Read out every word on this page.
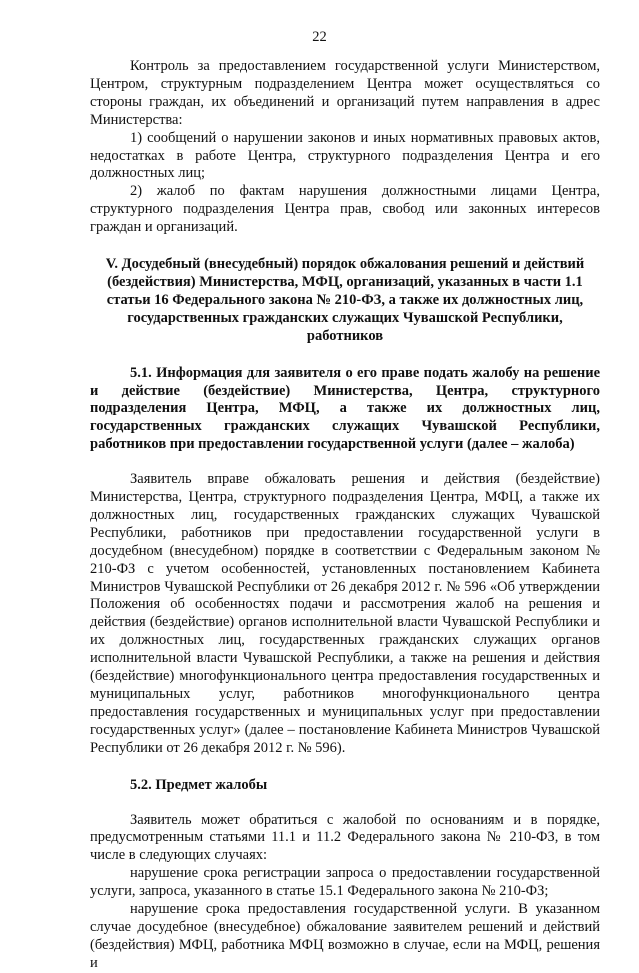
22

Контроль за предоставлением государственной услуги Министерством, Центром, структурным подразделением Центра может осуществляться со стороны граждан, их объединений и организаций путем направления в адрес Министерства:

1) сообщений о нарушении законов и иных нормативных правовых актов, недостатках в работе Центра, структурного подразделения Центра и его должностных лиц;

2) жалоб по фактам нарушения должностными лицами Центра, структурного подразделения Центра прав, свобод или законных интересов граждан и организаций.

V. Досудебный (внесудебный) порядок обжалования решений и действий (бездействия) Министерства, МФЦ, организаций, указанных в части 1.1 статьи 16 Федерального закона № 210-ФЗ, а также их должностных лиц, государственных гражданских служащих Чувашской Республики, работников

5.1. Информация для заявителя о его праве подать жалобу на решение и действие (бездействие) Министерства, Центра, структурного подразделения Центра, МФЦ, а также их должностных лиц, государственных гражданских служащих Чувашской Республики, работников при предоставлении государственной услуги (далее – жалоба)

Заявитель вправе обжаловать решения и действия (бездействие) Министерства, Центра, структурного подразделения Центра, МФЦ, а также их должностных лиц, государственных гражданских служащих Чувашской Республики, работников при предоставлении государственной услуги в досудебном (внесудебном) порядке в соответствии с Федеральным законом № 210-ФЗ с учетом особенностей, установленных постановлением Кабинета Министров Чувашской Республики от 26 декабря 2012 г. № 596 «Об утверждении Положения об особенностях подачи и рассмотрения жалоб на решения и действия (бездействие) органов исполнительной власти Чувашской Республики и их должностных лиц, государственных гражданских служащих органов исполнительной власти Чувашской Республики, а также на решения и действия (бездействие) многофункционального центра предоставления государственных и муниципальных услуг, работников многофункционального центра предоставления государственных и муниципальных услуг при предоставлении государственных услуг» (далее – постановление Кабинета Министров Чувашской Республики от 26 декабря 2012 г. № 596).

5.2. Предмет жалобы

Заявитель может обратиться с жалобой по основаниям и в порядке, предусмотренным статьями 11.1 и 11.2 Федерального закона № 210-ФЗ, в том числе в следующих случаях:

нарушение срока регистрации запроса о предоставлении государственной услуги, запроса, указанного в статье 15.1 Федерального закона № 210-ФЗ;

нарушение срока предоставления государственной услуги. В указанном случае досудебное (внесудебное) обжалование заявителем решений и действий (бездействия) МФЦ, работника МФЦ возможно в случае, если на МФЦ, решения и
